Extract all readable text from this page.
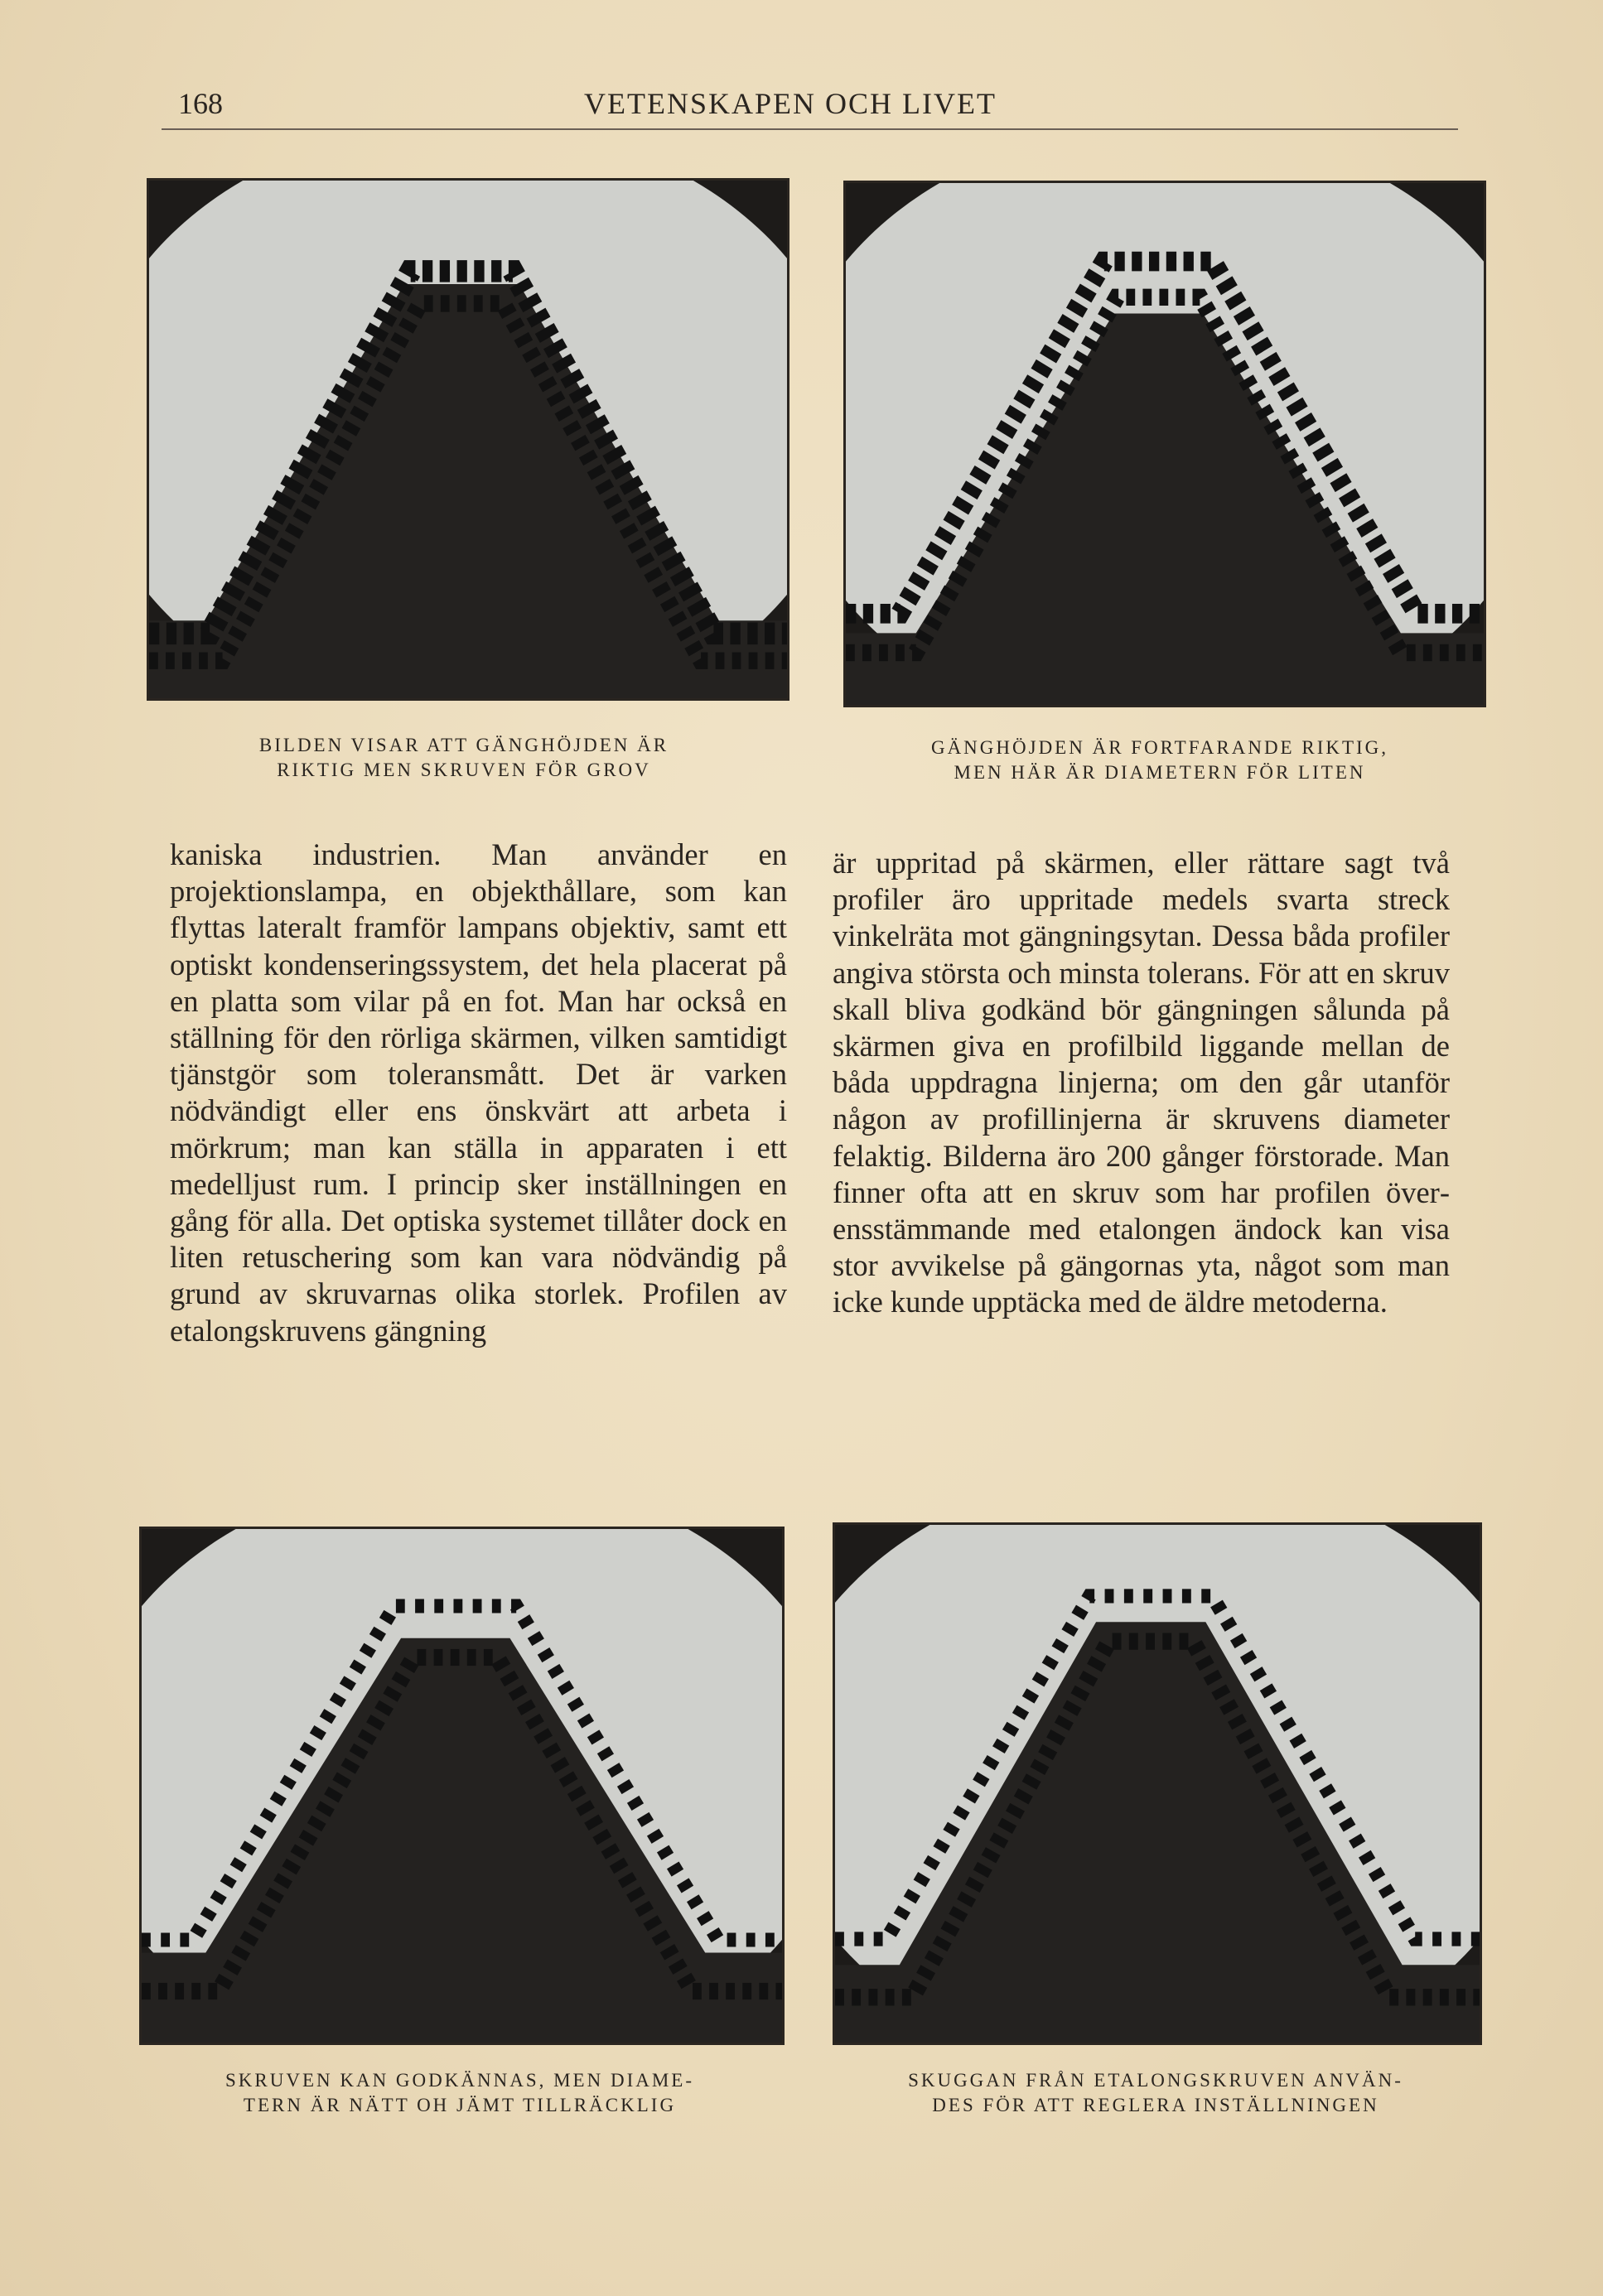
168	VETENSKAPEN OCH LIVET
BILDEN VISAR ATT GÄNGHÖJDEN ÄR
RIKTIG MEN SKRUVEN FÖR GROV
GÄNGHÖJDEN ÄR FORTFARANDE RIKTIG,
MEN HÄR ÄR DIAMETERN FÖR LITEN

kaniska industrien. Man använder en projektionslampa, en objekthållare, som kan flyttas lateralt framför lampans objektiv, samt ett optiskt kondenseringssystem, det hela placerat på en platta som vilar på en fot. Man har också en ställning för den rörliga skärmen, vilken samtidigt tjänstgör som toleransmått. Det är varken nödvändigt eller ens önskvärt att arbeta i mörkrum; man kan ställa in apparaten i ett medelljust rum. I princip sker inställningen en gång för alla. Det optiska systemet tillåter dock en liten retuschering som kan vara nödvändig på grund av skruvarnas olika storlek. Profilen av etalongskruvens gängning

är uppritad på skärmen, eller rättare sagt två profiler äro uppritade medels svarta streck vinkelräta mot gängningsytan. Dessa båda profiler angiva största och minsta tolerans. För att en skruv skall bliva godkänd bör gängningen sålunda på skärmen giva en profilbild liggande mellan de båda uppdragna linjerna; om den går utanför någon av profillinjerna är skruvens diameter felaktig. Bilderna äro 200 gånger förstorade. Man finner ofta att en skruv som har profilen överensstämmande med etalongen ändock kan visa stor avvikelse på gängornas yta, något som man icke kunde upptäcka med de äldre metoderna.

SKRUVEN KAN GODKÄNNAS, MEN DIAME-
TERN ÄR NÄTT OH JÄMT TILLRÄCKLIG
SKUGGAN FRÅN ETALONGSKRUVEN ANVÄN-
DES FÖR ATT REGLERA INSTÄLLNINGEN
